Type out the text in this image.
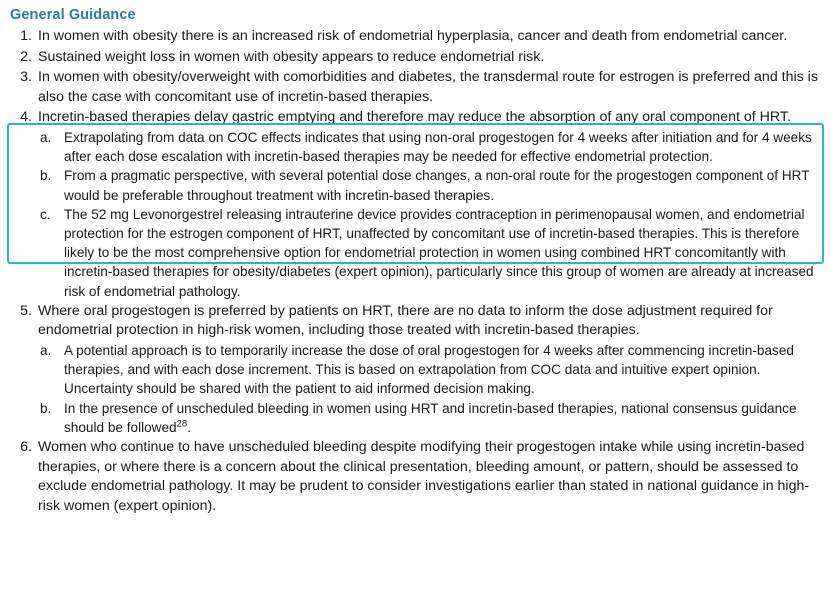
General Guidance
1. In women with obesity there is an increased risk of endometrial hyperplasia, cancer and death from endometrial cancer.
2. Sustained weight loss in women with obesity appears to reduce endometrial risk.
3. In women with obesity/overweight with comorbidities and diabetes, the transdermal route for estrogen is preferred and this is also the case with concomitant use of incretin-based therapies.
4. Incretin-based therapies delay gastric emptying and therefore may reduce the absorption of any oral component of HRT.
a. Extrapolating from data on COC effects indicates that using non-oral progestogen for 4 weeks after initiation and for 4 weeks after each dose escalation with incretin-based therapies may be needed for effective endometrial protection.
b. From a pragmatic perspective, with several potential dose changes, a non-oral route for the progestogen component of HRT would be preferable throughout treatment with incretin-based therapies.
c. The 52 mg Levonorgestrel releasing intrauterine device provides contraception in perimenopausal women, and endometrial protection for the estrogen component of HRT, unaffected by concomitant use of incretin-based therapies. This is therefore likely to be the most comprehensive option for endometrial protection in women using combined HRT concomitantly with incretin-based therapies for obesity/diabetes (expert opinion), particularly since this group of women are already at increased risk of endometrial pathology.
5. Where oral progestogen is preferred by patients on HRT, there are no data to inform the dose adjustment required for endometrial protection in high-risk women, including those treated with incretin-based therapies.
a. A potential approach is to temporarily increase the dose of oral progestogen for 4 weeks after commencing incretin-based therapies, and with each dose increment. This is based on extrapolation from COC data and intuitive expert opinion. Uncertainty should be shared with the patient to aid informed decision making.
b. In the presence of unscheduled bleeding in women using HRT and incretin-based therapies, national consensus guidance should be followed$^{28}$.
6. Women who continue to have unscheduled bleeding despite modifying their progestogen intake while using incretin-based therapies, or where there is a concern about the clinical presentation, bleeding amount, or pattern, should be assessed to exclude endometrial pathology. It may be prudent to consider investigations earlier than stated in national guidance in high-risk women (expert opinion).
